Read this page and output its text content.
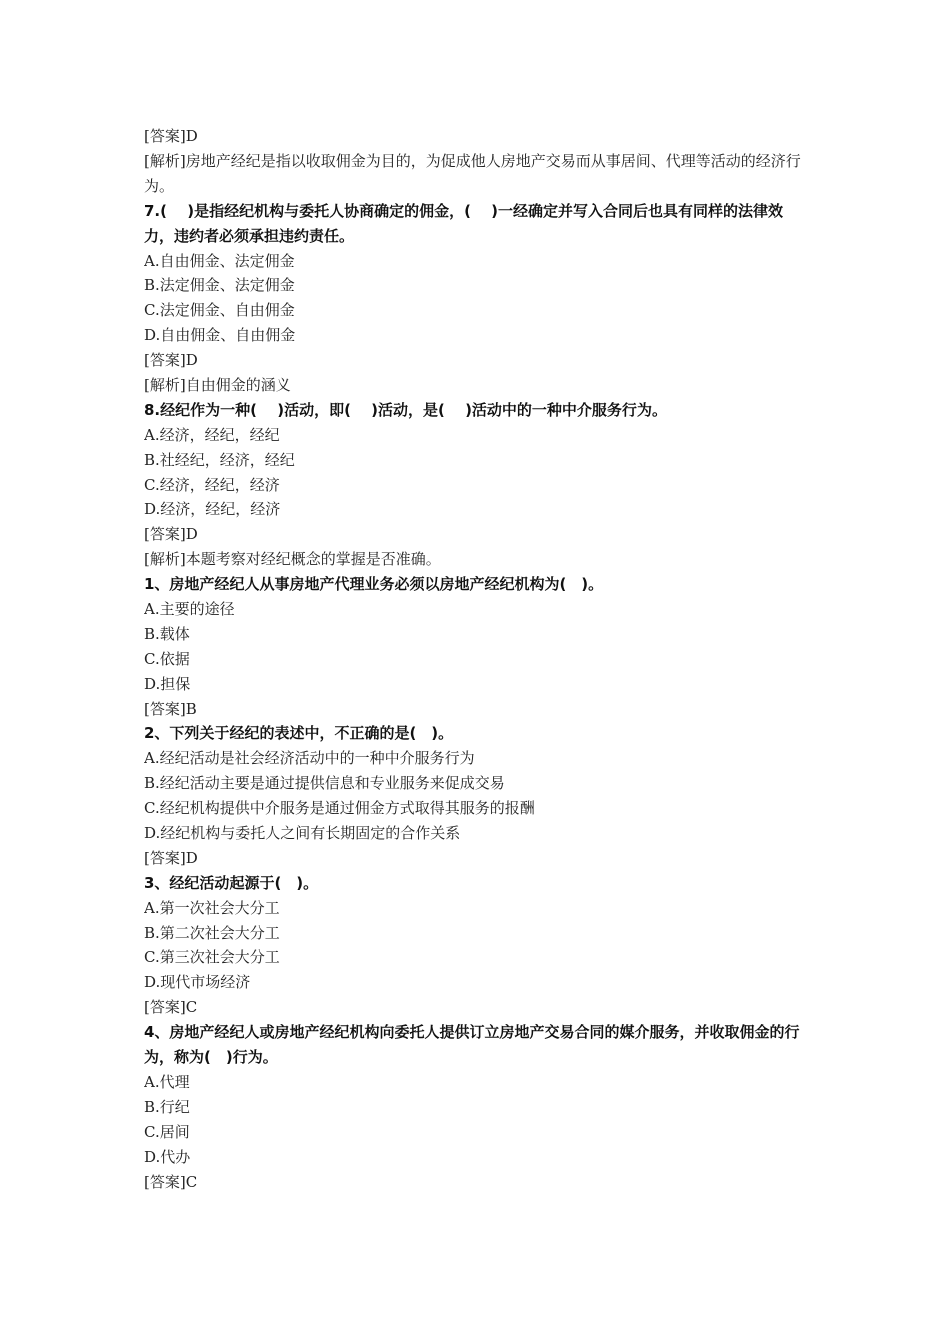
[答案]D
[解析]房地产经纪是指以收取佣金为目的，为促成他人房地产交易而从事居间、代理等活动的经济行为。
7.(　 )是指经纪机构与委托人协商确定的佣金，(　 )一经确定并写入合同后也具有同样的法律效力，违约者必须承担违约责任。
A.自由佣金、法定佣金
B.法定佣金、法定佣金
C.法定佣金、自由佣金
D.自由佣金、自由佣金
[答案]D
[解析]自由佣金的涵义
8.经纪作为一种(　 )活动，即(　 )活动，是(　 )活动中的一种中介服务行为。
A.经济，经纪，经纪
B.社经纪，经济，经纪
C.经济，经纪，经济
D.经济，经纪，经济
[答案]D
[解析]本题考察对经纪概念的掌握是否准确。
1、房地产经纪人从事房地产代理业务必须以房地产经纪机构为(　)。
A.主要的途径
B.载体
C.依据
D.担保
[答案]B
2、下列关于经纪的表述中，不正确的是(　)。
A.经纪活动是社会经济活动中的一种中介服务行为
B.经纪活动主要是通过提供信息和专业服务来促成交易
C.经纪机构提供中介服务是通过佣金方式取得其服务的报酬
D.经纪机构与委托人之间有长期固定的合作关系
[答案]D
3、经纪活动起源于(　)。
A.第一次社会大分工
B.第二次社会大分工
C.第三次社会大分工
D.现代市场经济
[答案]C
4、房地产经纪人或房地产经纪机构向委托人提供订立房地产交易合同的媒介服务，并收取佣金的行为，称为(　)行为。
A.代理
B.行纪
C.居间
D.代办
[答案]C
